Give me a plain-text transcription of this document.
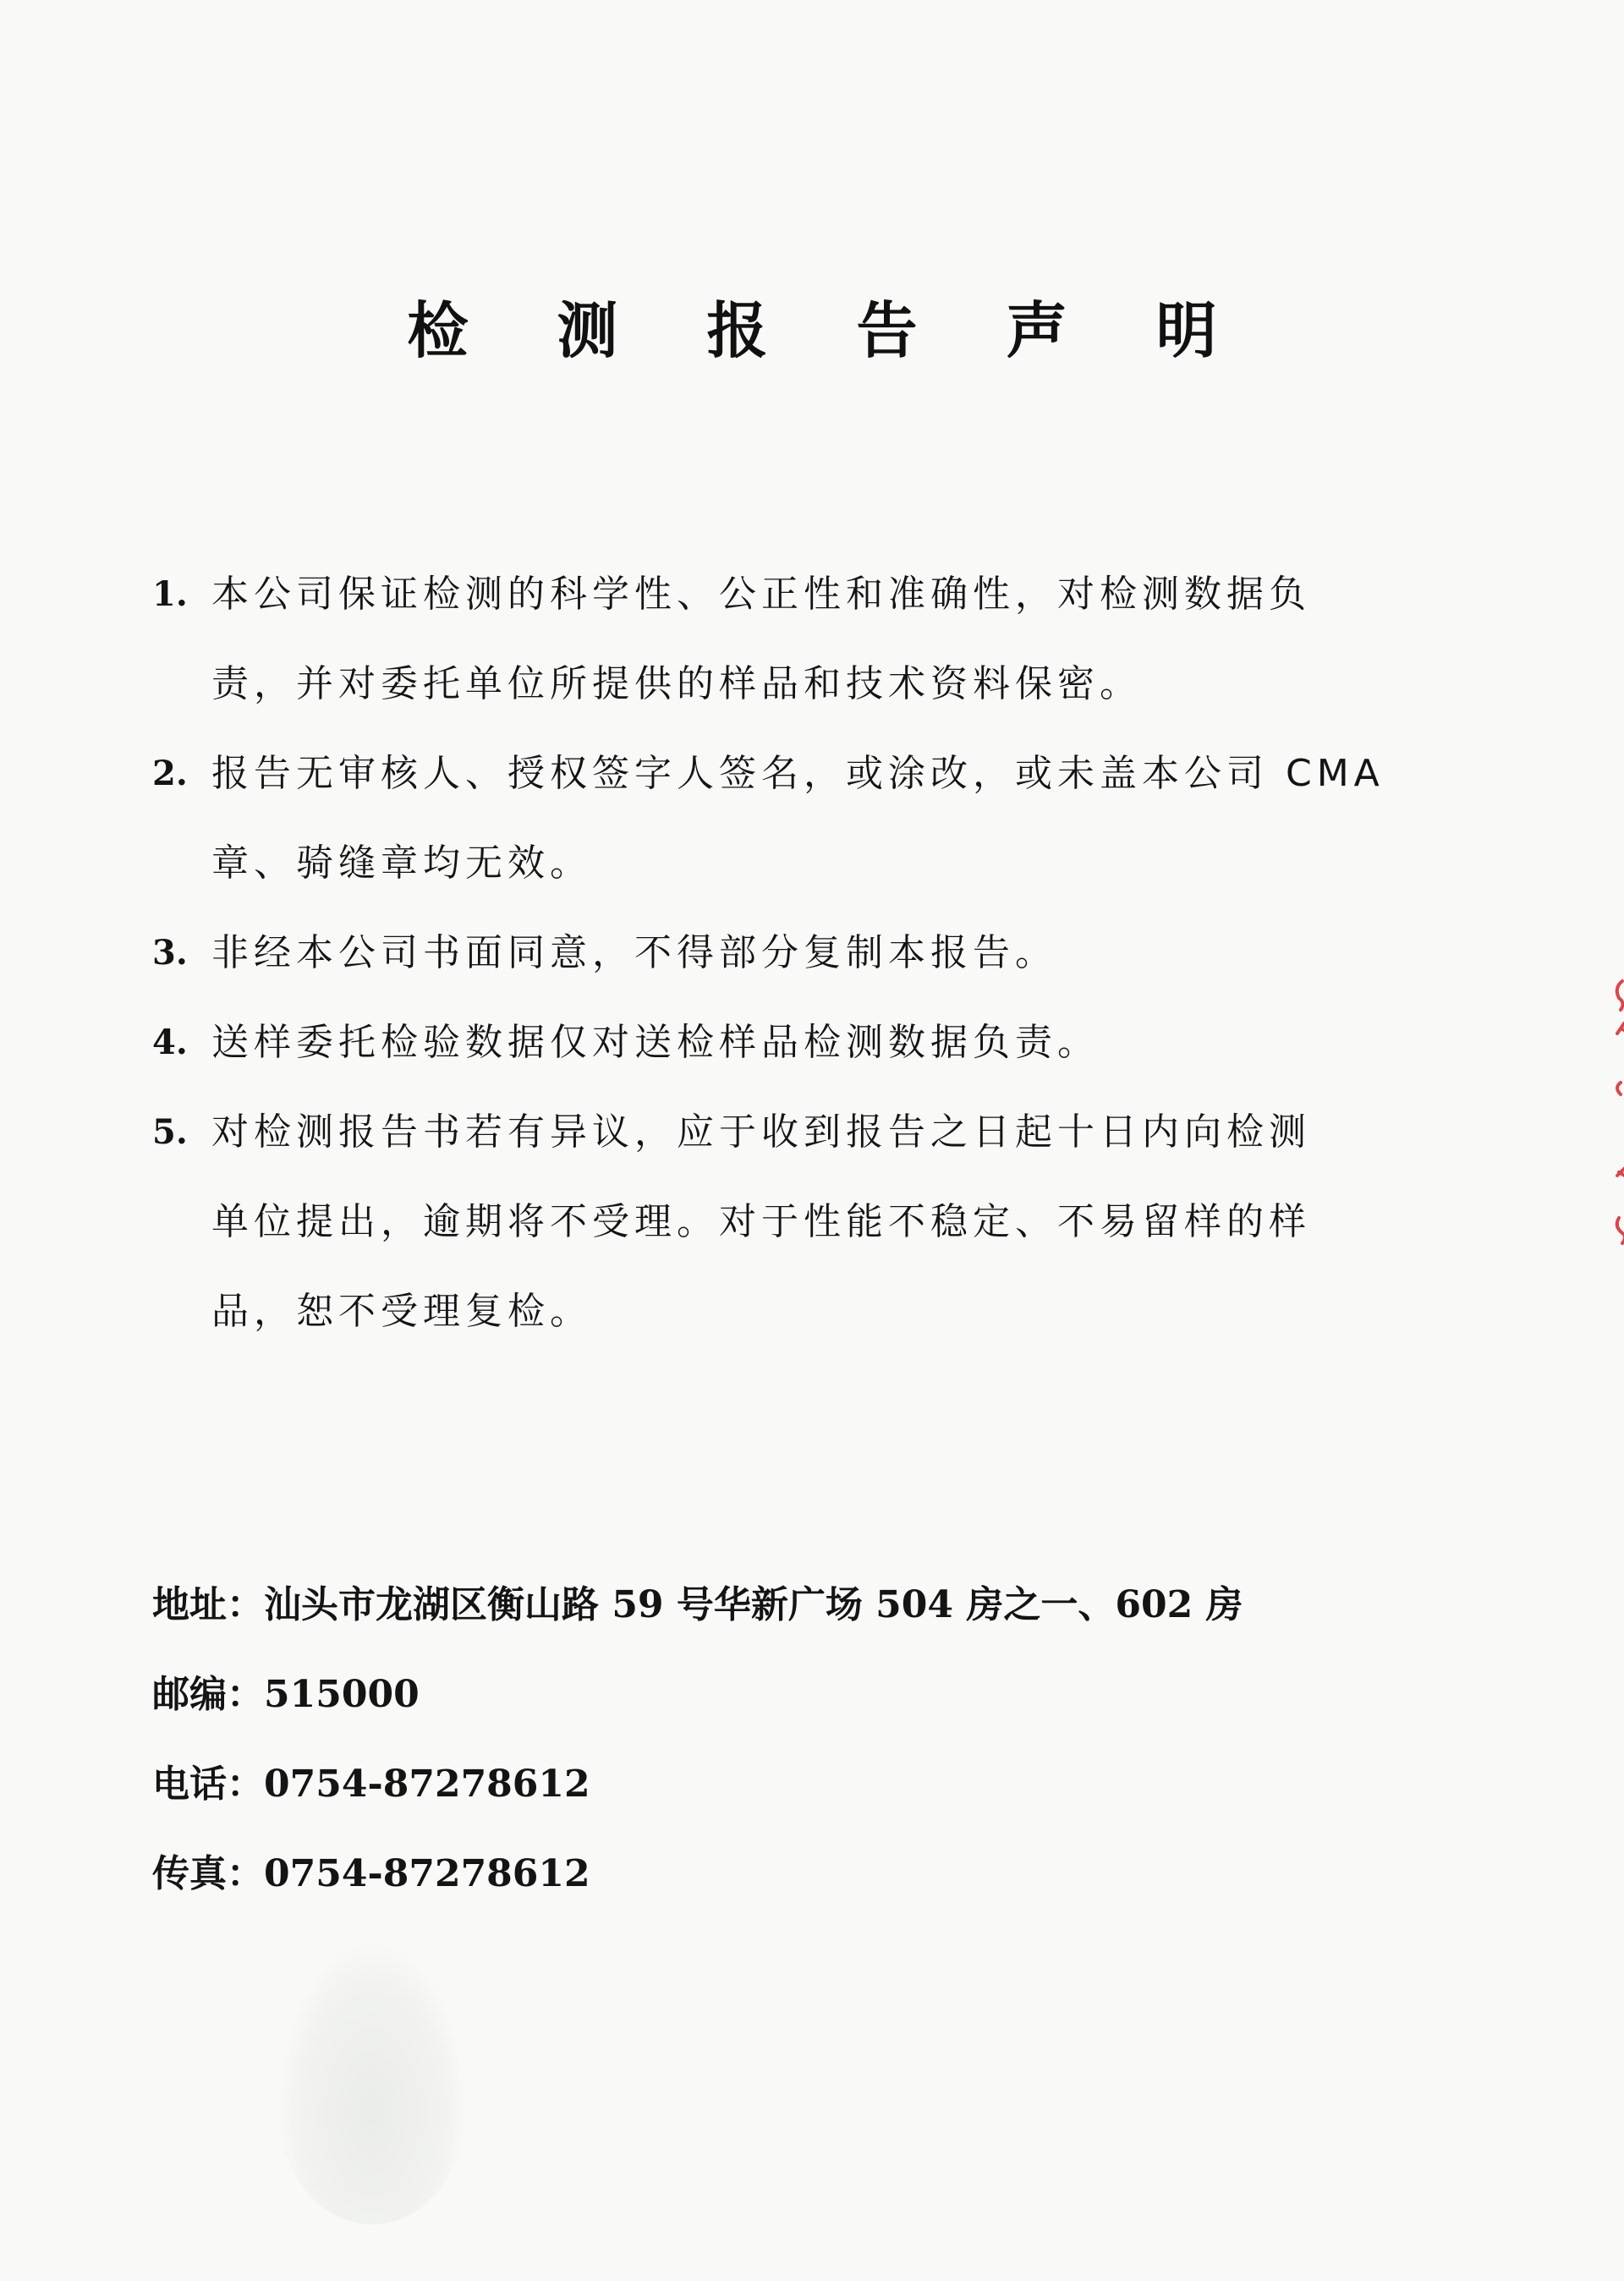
检 测 报 告 声 明
1. 本公司保证检测的科学性、公正性和准确性，对检测数据负
责，并对委托单位所提供的样品和技术资料保密。
2. 报告无审核人、授权签字人签名，或涂改，或未盖本公司 CMA
章、骑缝章均无效。
3. 非经本公司书面同意，不得部分复制本报告。
4. 送样委托检验数据仅对送检样品检测数据负责。
5. 对检测报告书若有异议，应于收到报告之日起十日内向检测
单位提出，逾期将不受理。对于性能不稳定、不易留样的样
品，恕不受理复检。
地址：汕头市龙湖区衡山路 59 号华新广场 504 房之一、602 房
邮编：515000
电话：0754-87278612
传真：0754-87278612
